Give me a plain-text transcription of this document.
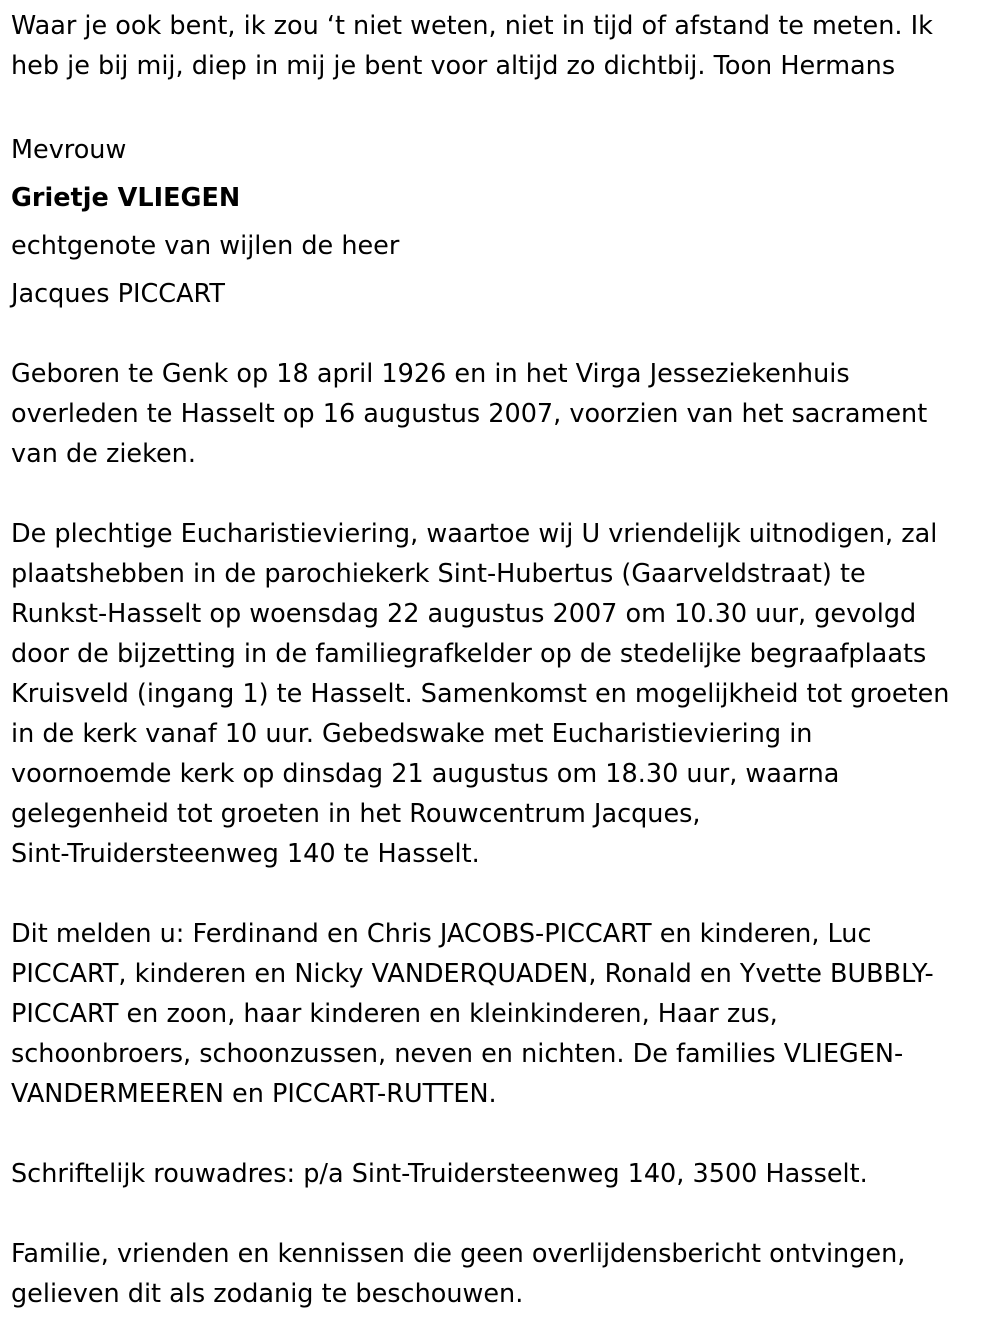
Waar je ook bent, ik zou ‘t niet weten, niet in tijd of afstand te meten. Ik
heb je bij mij, diep in mij je bent voor altijd zo dichtbij. Toon Hermans
Mevrouw
Grietje VLIEGEN
echtgenote van wijlen de heer
Jacques PICCART
Geboren te Genk op 18 april 1926 en in het Virga Jesseziekenhuis
overleden te Hasselt op 16 augustus 2007, voorzien van het sacrament
van de zieken.
De plechtige Eucharistieviering, waartoe wij U vriendelijk uitnodigen, zal
plaatshebben in de parochiekerk Sint-Hubertus (Gaarveldstraat) te
Runkst-Hasselt op woensdag 22 augustus 2007 om 10.30 uur, gevolgd
door de bijzetting in de familiegrafkelder op de stedelijke begraafplaats
Kruisveld (ingang 1) te Hasselt. Samenkomst en mogelijkheid tot groeten
in de kerk vanaf 10 uur. Gebedswake met Eucharistieviering in
voornoemde kerk op dinsdag 21 augustus om 18.30 uur, waarna
gelegenheid tot groeten in het Rouwcentrum Jacques,
Sint-Truidersteenweg 140 te Hasselt.
Dit melden u: Ferdinand en Chris JACOBS-PICCART en kinderen, Luc
PICCART, kinderen en Nicky VANDERQUADEN, Ronald en Yvette BUBBLY-
PICCART en zoon, haar kinderen en kleinkinderen, Haar zus,
schoonbroers, schoonzussen, neven en nichten. De families VLIEGEN-
VANDERMEEREN en PICCART-RUTTEN.
Schriftelijk rouwadres: p/a Sint-Truidersteenweg 140, 3500 Hasselt.
Familie, vrienden en kennissen die geen overlijdensbericht ontvingen,
gelieven dit als zodanig te beschouwen.
